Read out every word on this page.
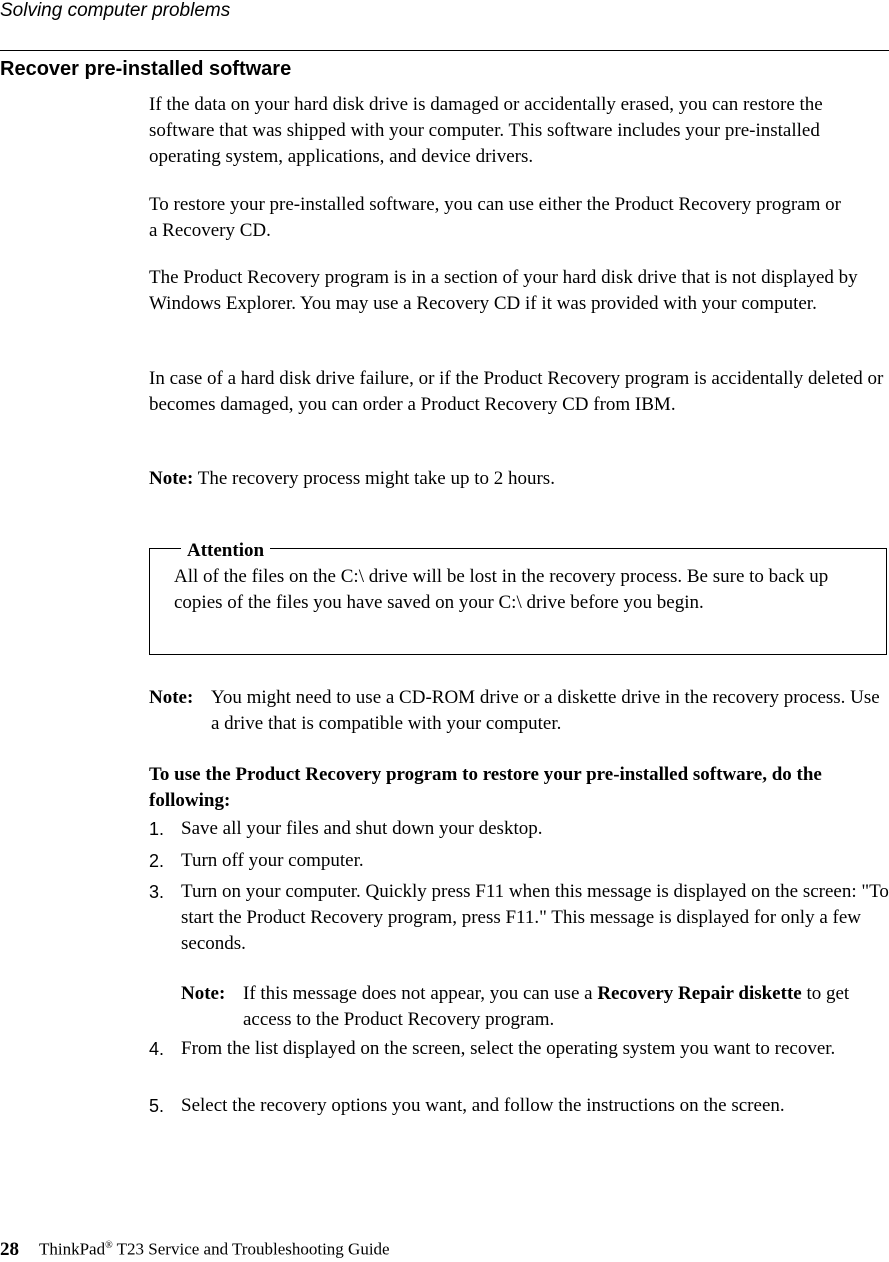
Solving computer problems
Recover pre-installed software

If the data on your hard disk drive is damaged or accidentally erased, you can restore the software that was shipped with your computer. This software includes your pre-installed operating system, applications, and device drivers.

To restore your pre-installed software, you can use either the Product Recovery program or a Recovery CD.

The Product Recovery program is in a section of your hard disk drive that is not displayed by Windows Explorer. You may use a Recovery CD if it was provided with your computer.

In case of a hard disk drive failure, or if the Product Recovery program is accidentally deleted or becomes damaged, you can order a Product Recovery CD from IBM.

Note: The recovery process might take up to 2 hours.
Attention
All of the files on the C:\ drive will be lost in the recovery process. Be sure to back up copies of the files you have saved on your C:\ drive before you begin.
Note: You might need to use a CD-ROM drive or a diskette drive in the recovery process. Use a drive that is compatible with your computer.
To use the Product Recovery program to restore your pre-installed software, do the following:
1. Save all your files and shut down your desktop.
2. Turn off your computer.
3. Turn on your computer. Quickly press F11 when this message is displayed on the screen: "To start the Product Recovery program, press F11." This message is displayed for only a few seconds.
Note: If this message does not appear, you can use a Recovery Repair diskette to get access to the Product Recovery program.
4. From the list displayed on the screen, select the operating system you want to recover.
5. Select the recovery options you want, and follow the instructions on the screen.
28 ThinkPad® T23 Service and Troubleshooting Guide
